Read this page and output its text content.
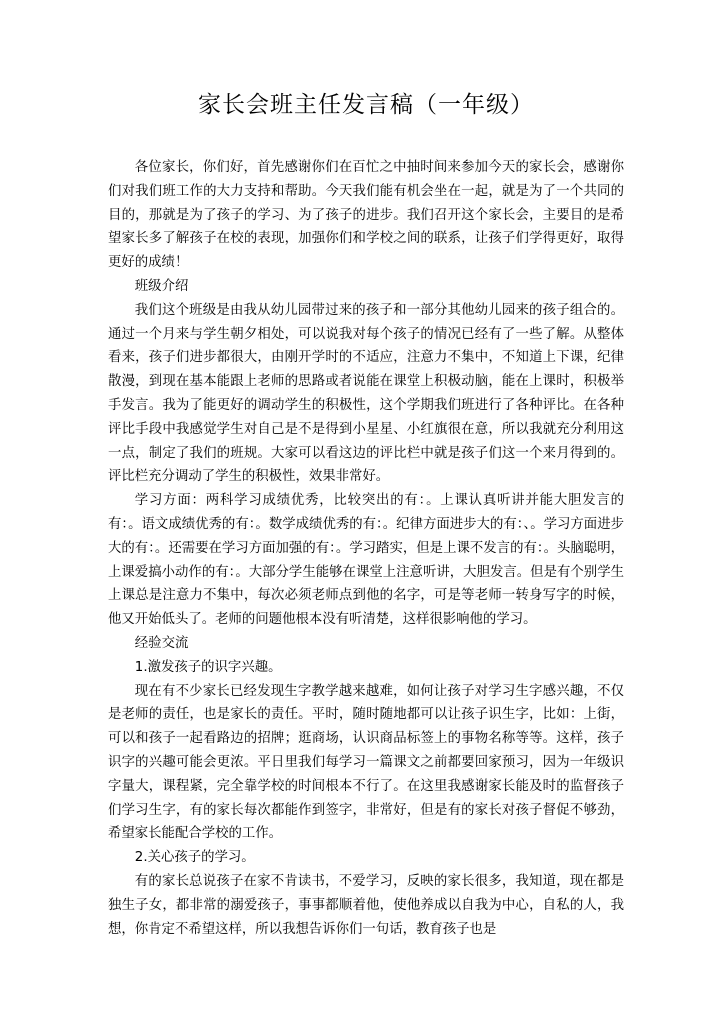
家长会班主任发言稿（一年级）

各位家长，你们好，首先感谢你们在百忙之中抽时间来参加今天的家长会，感谢你们对我们班工作的大力支持和帮助。今天我们能有机会坐在一起，就是为了一个共同的目的，那就是为了孩子的学习、为了孩子的进步。我们召开这个家长会，主要目的是希望家长多了解孩子在校的表现，加强你们和学校之间的联系，让孩子们学得更好，取得更好的成绩！

班级介绍

我们这个班级是由我从幼儿园带过来的孩子和一部分其他幼儿园来的孩子组合的。通过一个月来与学生朝夕相处，可以说我对每个孩子的情况已经有了一些了解。从整体看来，孩子们进步都很大，由刚开学时的不适应，注意力不集中，不知道上下课，纪律散漫，到现在基本能跟上老师的思路或者说能在课堂上积极动脑，能在上课时，积极举手发言。我为了能更好的调动学生的积极性，这个学期我们班进行了各种评比。在各种评比手段中我感觉学生对自己是不是得到小星星、小红旗很在意，所以我就充分利用这一点，制定了我们的班规。大家可以看这边的评比栏中就是孩子们这一个来月得到的。评比栏充分调动了学生的积极性，效果非常好。

学习方面：两科学习成绩优秀，比较突出的有：。上课认真听讲并能大胆发言的有：。语文成绩优秀的有：。数学成绩优秀的有：。纪律方面进步大的有：、。学习方面进步大的有：。还需要在学习方面加强的有：。学习踏实，但是上课不发言的有：。头脑聪明，上课爱搞小动作的有：。大部分学生能够在课堂上注意听讲，大胆发言。但是有个别学生上课总是注意力不集中，每次必须老师点到他的名字，可是等老师一转身写字的时候，他又开始低头了。老师的问题他根本没有听清楚，这样很影响他的学习。

经验交流

1.激发孩子的识字兴趣。

现在有不少家长已经发现生字教学越来越难，如何让孩子对学习生字感兴趣，不仅是老师的责任，也是家长的责任。平时，随时随地都可以让孩子识生字，比如：上街，可以和孩子一起看路边的招牌；逛商场，认识商品标签上的事物名称等等。这样，孩子识字的兴趣可能会更浓。平日里我们每学习一篇课文之前都要回家预习，因为一年级识字量大，课程紧，完全靠学校的时间根本不行了。在这里我感谢家长能及时的监督孩子们学习生字，有的家长每次都能作到签字，非常好，但是有的家长对孩子督促不够劲，希望家长能配合学校的工作。

2.关心孩子的学习。

有的家长总说孩子在家不肯读书，不爱学习，反映的家长很多，我知道，现在都是独生子女，都非常的溺爱孩子，事事都顺着他，使他养成以自我为中心，自私的人，我想，你肯定不希望这样，所以我想告诉你们一句话，教育孩子也是
